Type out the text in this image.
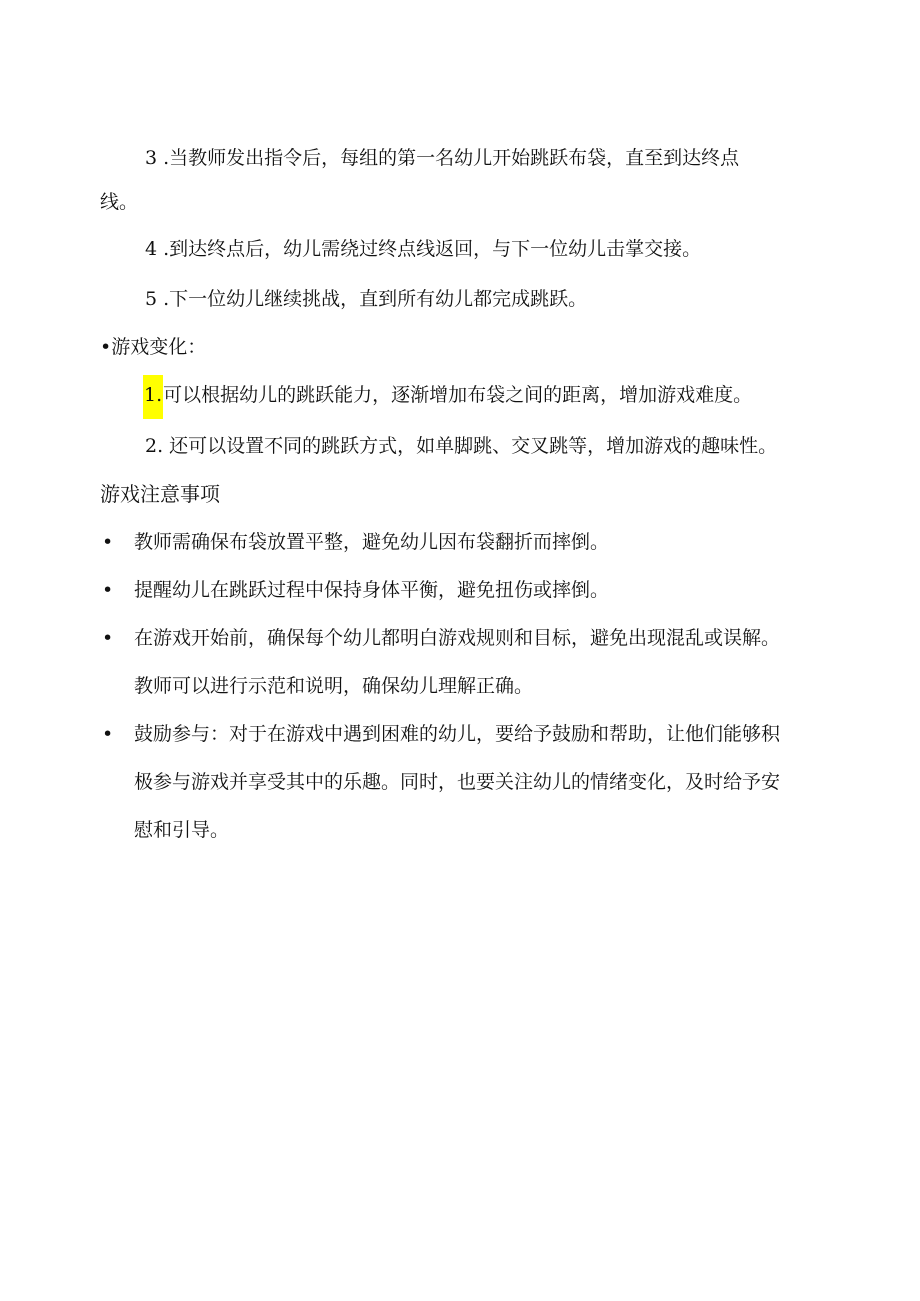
3 .当教师发出指令后，每组的第一名幼儿开始跳跃布袋，直至到达终点
线。
4 .到达终点后，幼儿需绕过终点线返回，与下一位幼儿击掌交接。
5 .下一位幼儿继续挑战，直到所有幼儿都完成跳跃。
•游戏变化：
1.可以根据幼儿的跳跃能力，逐渐增加布袋之间的距离，增加游戏难度。
2. 还可以设置不同的跳跃方式，如单脚跳、交叉跳等，增加游戏的趣味性。
游戏注意事项
• 教师需确保布袋放置平整，避免幼儿因布袋翻折而摔倒。
• 提醒幼儿在跳跃过程中保持身体平衡，避免扭伤或摔倒。
• 在游戏开始前，确保每个幼儿都明白游戏规则和目标，避免出现混乱或误解。
教师可以进行示范和说明，确保幼儿理解正确。
• 鼓励参与：对于在游戏中遇到困难的幼儿，要给予鼓励和帮助，让他们能够积
极参与游戏并享受其中的乐趣。同时，也要关注幼儿的情绪变化，及时给予安
慰和引导。
